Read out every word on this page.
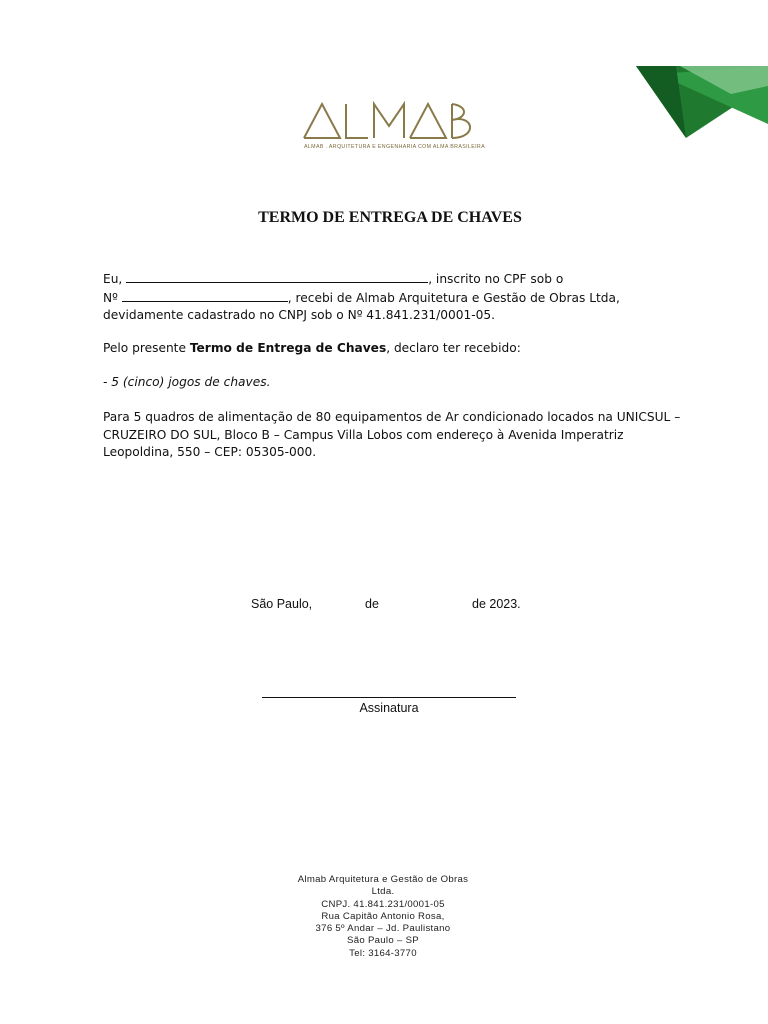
ALMAB . ARQUITETURA E ENGENHARIA COM ALMA BRASILEIRA
TERMO DE ENTREGA DE CHAVES
Eu,	, inscrito no CPF sob o
Nº	, recebi de Almab Arquitetura e Gestão de Obras Ltda,
devidamente cadastrado no CNPJ sob o Nº 41.841.231/0001-05.
Pelo presente Termo de Entrega de Chaves, declaro ter recebido:
- 5 (cinco) jogos de chaves.
Para 5 quadros de alimentação de 80 equipamentos de Ar condicionado locados na UNICSUL –
CRUZEIRO DO SUL, Bloco B – Campus Villa Lobos com endereço à Avenida Imperatriz
Leopoldina, 550 – CEP: 05305-000.
São Paulo,	de	de 2023.
Assinatura
Almab Arquitetura e Gestão de Obras
Ltda.
CNPJ. 41.841.231/0001-05
Rua Capitão Antonio Rosa,
376 5º Andar – Jd. Paulistano
São Paulo – SP
Tel: 3164-3770
